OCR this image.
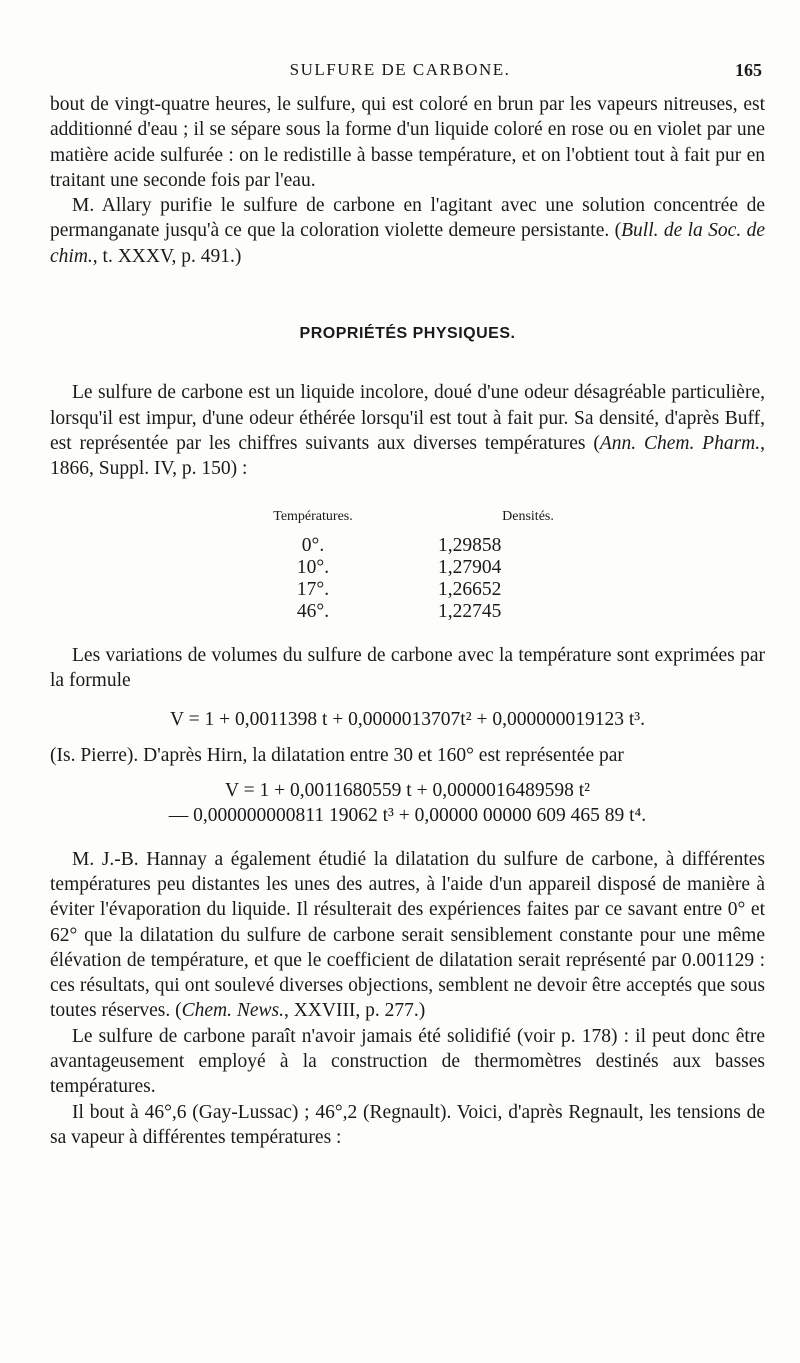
SULFURE DE CARBONE.	165

bout de vingt-quatre heures, le sulfure, qui est coloré en brun par les vapeurs nitreuses, est additionné d'eau ; il se sépare sous la forme d'un liquide coloré en rose ou en violet par une matière acide sulfurée : on le redistille à basse température, et on l'obtient tout à fait pur en traitant une seconde fois par l'eau.

M. Allary purifie le sulfure de carbone en l'agitant avec une solution concentrée de permanganate jusqu'à ce que la coloration violette demeure persistante. (Bull. de la Soc. de chim., t. XXXV, p. 491.)

PROPRIÉTÉS PHYSIQUES.

Le sulfure de carbone est un liquide incolore, doué d'une odeur désagréable particulière, lorsqu'il est impur, d'une odeur éthérée lorsqu'il est tout à fait pur. Sa densité, d'après Buff, est représentée par les chiffres suivants aux diverses températures (Ann. Chem. Pharm., 1866, Suppl. IV, p. 150) :

Températures.	Densités.
0°.	1,29858
10°.	1,27904
17°.	1,26652
46°.	1,22745

Les variations de volumes du sulfure de carbone avec la température sont exprimées par la formule

V = 1 + 0,0011398 t + 0,0000013707t² + 0,000000019123 t³.

(Is. Pierre). D'après Hirn, la dilatation entre 30 et 160° est représentée par

V = 1 + 0,0011680559 t + 0,0000016489598 t²
— 0,000000000811 19062 t³ + 0,00000 00000 609 465 89 t⁴.

M. J.-B. Hannay a également étudié la dilatation du sulfure de carbone, à différentes températures peu distantes les unes des autres, à l'aide d'un appareil disposé de manière à éviter l'évaporation du liquide. Il résulterait des expériences faites par ce savant entre 0° et 62° que la dilatation du sulfure de carbone serait sensiblement constante pour une même élévation de température, et que le coefficient de dilatation serait représenté par 0.001129 : ces résultats, qui ont soulevé diverses objections, semblent ne devoir être acceptés que sous toutes réserves. (Chem. News., XXVIII, p. 277.)

Le sulfure de carbone paraît n'avoir jamais été solidifié (voir p. 178) : il peut donc être avantageusement employé à la construction de thermomètres destinés aux basses températures.

Il bout à 46°,6 (Gay-Lussac) ; 46°,2 (Regnault). Voici, d'après Regnault, les tensions de sa vapeur à différentes températures :
